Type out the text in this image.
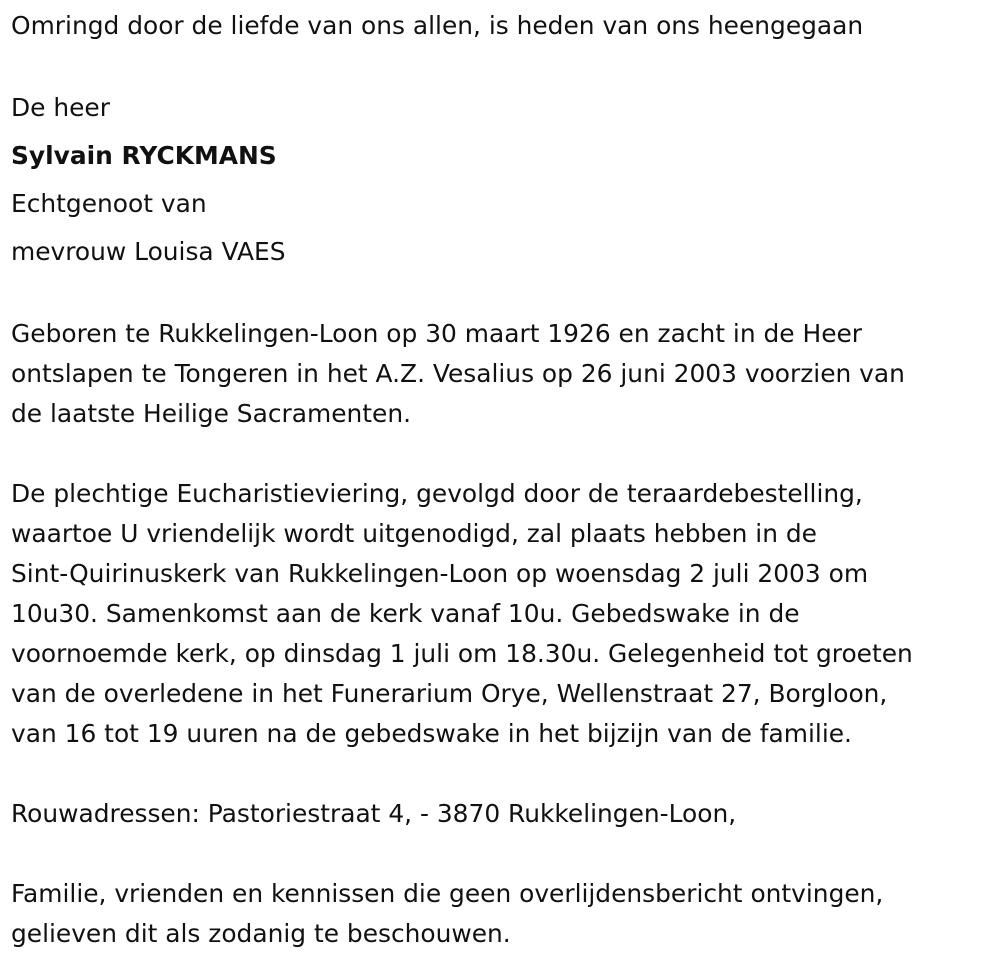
Omringd door de liefde van ons allen, is heden van ons heengegaan

De heer

Sylvain RYCKMANS

Echtgenoot van

mevrouw Louisa VAES

Geboren te Rukkelingen-Loon op 30 maart 1926 en zacht in de Heer
ontslapen te Tongeren in het A.Z. Vesalius op 26 juni 2003 voorzien van
de laatste Heilige Sacramenten.

De plechtige Eucharistieviering, gevolgd door de teraardebestelling,
waartoe U vriendelijk wordt uitgenodigd, zal plaats hebben in de
Sint-Quirinuskerk van Rukkelingen-Loon op woensdag 2 juli 2003 om
10u30. Samenkomst aan de kerk vanaf 10u. Gebedswake in de
voornoemde kerk, op dinsdag 1 juli om 18.30u. Gelegenheid tot groeten
van de overledene in het Funerarium Orye, Wellenstraat 27, Borgloon,
van 16 tot 19 uuren na de gebedswake in het bijzijn van de familie.

Rouwadressen: Pastoriestraat 4, - 3870 Rukkelingen-Loon,

Familie, vrienden en kennissen die geen overlijdensbericht ontvingen,
gelieven dit als zodanig te beschouwen.
